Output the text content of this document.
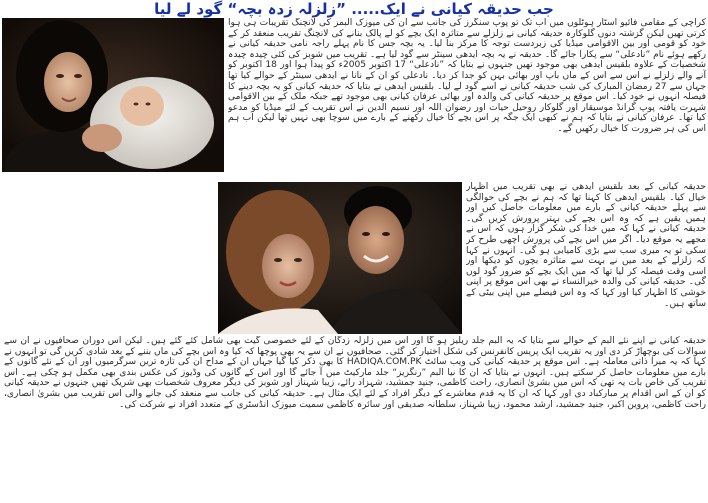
جب حدیقہ کیانی نے ایک..... ”زلزلہ زدہ بچہ“ گود لے لیا

کراچی کے مقامی فائیو اسٹار ہوٹلوں میں اب تک تو پوپ سنگرز کی جانب سے ان کی میوزک البمز کی لانچنگ تقریبات ہی ہوا کرتی تھیں لیکن گزشتہ دنوں گلوکارہ حدیقہ کیانی نے زلزلے سے متاثرہ ایک بچے کو لے پالک بنانے کی لانچنگ تقریب منعقد کر کے خود کو قومی اور بین الاقوامی میڈیا کی زبردست توجہ کا مرکز بنا لیا۔ یہ بچہ جس کا نام پہلے راجہ نامی حدیقہ کیانی نے رکھے ہوئے نام ”نادعلی“ سے پکارا جائے گا۔ حدیقہ نے یہ بچہ ایدھی سینٹر سے گود لیا ہے۔ تقریب میں شوبز کی کئی چیدہ چیدہ شخصیات کے علاوہ بلقیس ایدھی بھی موجود تھیں جنہوں نے بتایا کہ ”نادعلی“ 17 اکتوبر 2005ء کو پیدا ہوا اور 18 اکتوبر کو آنے والے زلزلے نے اس سے اس کے ماں باپ اور بھائی بہن کو جدا کر دیا۔ نادعلی کو ان کے نانا نے ایدھی سینٹر کے حوالے کیا تھا جہاں سے 27 رمضان المبارک کی شب حدیقہ کیانی نے اسے گود لے لیا۔ بلقیس ایدھی نے بتایا کہ حدیقہ کیانی کو یہ بچہ دینے کا فیصلہ انہوں نے خود کیا۔ اس موقع پر حدیقہ کیانی کی والدہ اور بھائی عرفان کیانی بھی موجود تھے جبکہ ملک کے بین الاقوامی شہرت یافتہ پوپ گرانڈ موسیقار اور گلوکار روحیل حیات اور رضوان اللہ اور نسیم الدین نے اس تقریب کے لئے میڈیا کو مدعو کیا تھا۔ عرفان کیانی نے بتایا کہ ہم نے کبھی ایک جگہ پر اس بچے کا خیال رکھنے کے بارے میں سوچا بھی نہیں تھا لیکن اب ہم اس کی ہر ضرورت کا خیال رکھیں گے۔

حدیقہ کیانی کے بعد بلقیس ایدھی نے بھی تقریب میں اظہار خیال کیا۔ بلقیس ایدھی کا کہنا تھا کہ ہم نے بچے کی حوالگی سے پہلے حدیقہ کیانی کے بارے میں معلومات حاصل کیں اور ہمیں یقین ہے کہ وہ اس بچے کی بہتر پرورش کریں گی۔ حدیقہ کیانی نے کہا کہ میں خدا کی شکر گزار ہوں کہ اس نے مجھے یہ موقع دیا۔ اگر میں اس بچے کی پرورش اچھی طرح کر سکی تو یہ میری سب سے بڑی کامیابی ہو گی۔ انہوں نے کہا کہ زلزلے کے بعد میں نے بہت سے متاثرہ بچوں کو دیکھا اور اسی وقت فیصلہ کر لیا تھا کہ میں ایک بچے کو ضرور گود لوں گی۔ حدیقہ کیانی کی والدہ خیرالنساء نے بھی اس موقع پر اپنی خوشی کا اظہار کیا اور کہا کہ وہ اس فیصلے میں اپنی بیٹی کے ساتھ ہیں۔

حدیقہ کیانی نے اپنے نئے البم کے حوالے سے بتایا کہ یہ البم جلد ریلیز ہو گا اور اس میں زلزلہ زدگان کے لئے خصوصی گیت بھی شامل کئے گئے ہیں۔ لیکن اس دوران صحافیوں نے ان سے سوالات کی بوچھاڑ کر دی اور یہ تقریب ایک پریس کانفرنس کی شکل اختیار کر گئی۔ صحافیوں نے ان سے یہ بھی پوچھا کہ کیا وہ اس بچے کی ماں بننے کے بعد شادی کریں گی تو انہوں نے کہا کہ یہ میرا ذاتی معاملہ ہے۔ اس موقع پر حدیقہ کیانی کی ویب سائٹ HADIQA.COM.PK کا بھی ذکر کیا گیا جہاں ان کے مداح ان کی تازہ ترین سرگرمیوں اور ان کے نئے گانوں کے بارے میں معلومات حاصل کر سکتے ہیں۔ انہوں نے بتایا کہ ان کا نیا البم ”رنگریز“ جلد مارکیٹ میں آ جائے گا اور اس کے گانوں کی وڈیوز کی عکس بندی بھی مکمل ہو چکی ہے۔ اس تقریب کی خاص بات یہ تھی کہ اس میں بشریٰ انصاری، راحت کاظمی، جنید جمشید، شہزاد رائے، زیبا شہناز اور شوبز کی دیگر معروف شخصیات بھی شریک تھیں جنہوں نے حدیقہ کیانی کو ان کے اس اقدام پر مبارکباد دی اور کہا کہ ان کا یہ قدم معاشرے کے دیگر افراد کے لئے ایک مثال ہے۔ حدیقہ کیانی کی جانب سے منعقد کی جانے والی اس تقریب میں بشریٰ انصاری، راحت کاظمی، پروین اکبر، جنید جمشید، ارشد محمود، زیبا شہناز، سلطانہ صدیقی اور سائرہ کاظمی سمیت میوزک انڈسٹری کے متعدد افراد نے شرکت کی۔
